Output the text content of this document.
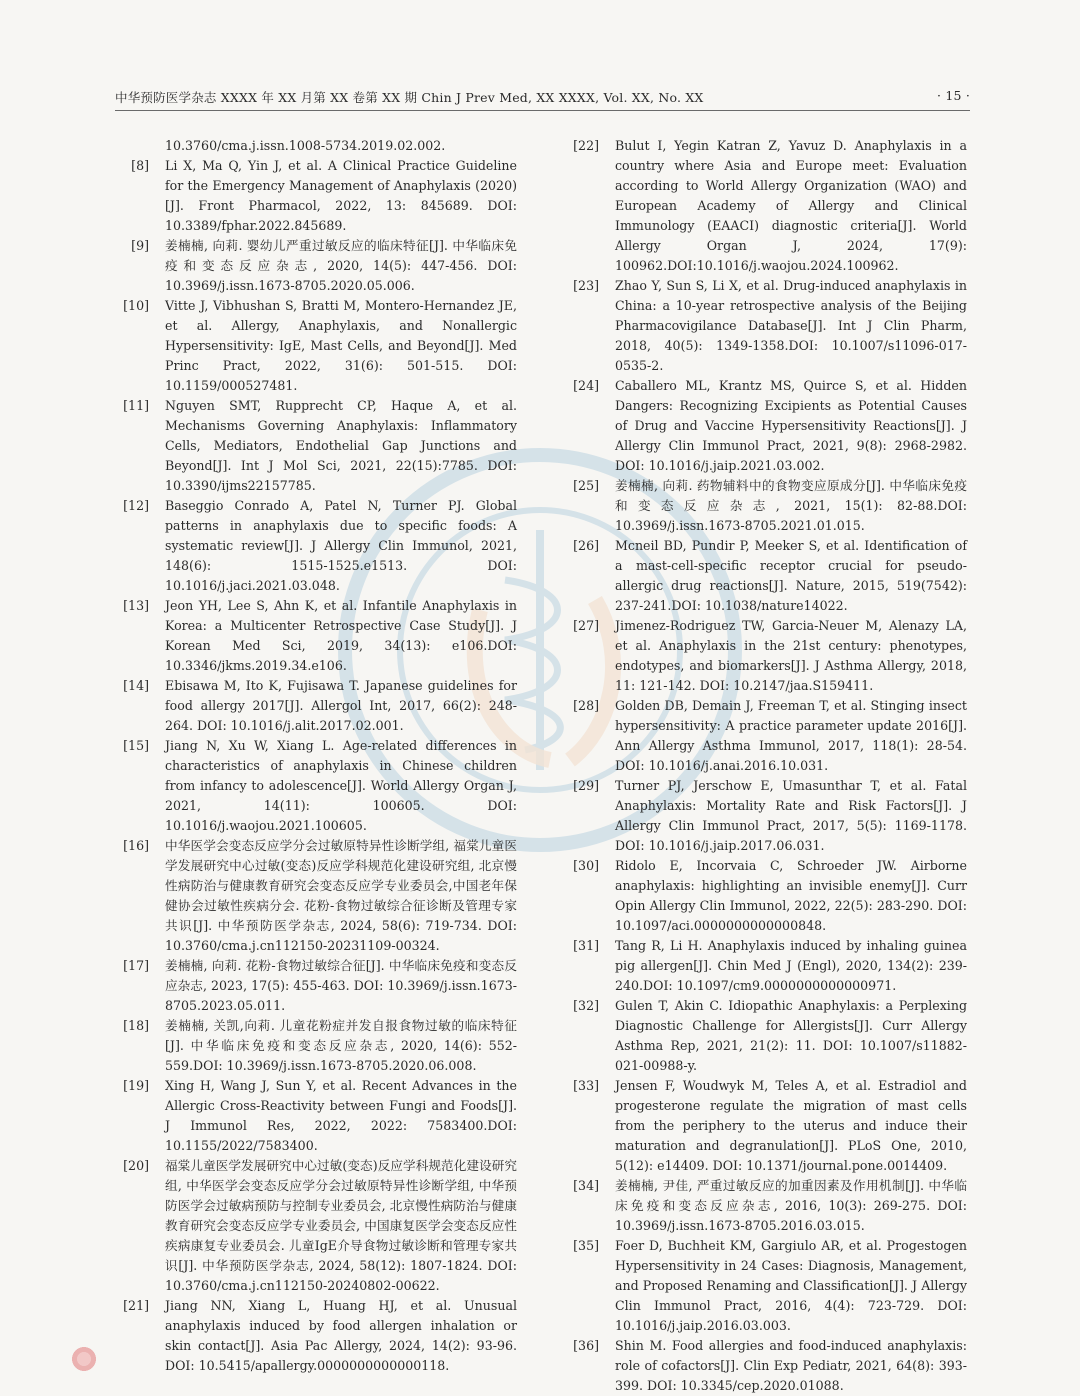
中华预防医学杂志 XXXX 年 XX 月第 XX 卷第 XX 期 Chin J Prev Med, XX XXXX, Vol. XX, No. XX	· 15 ·
10.3760/cma.j.issn.1008-5734.2019.02.002.
[8] Li X, Ma Q, Yin J, et al. A Clinical Practice Guideline for the Emergency Management of Anaphylaxis (2020) [J]. Front Pharmacol, 2022, 13: 845689. DOI: 10.3389/fphar.2022.845689.
[9] 姜楠楠, 向莉. 婴幼儿严重过敏反应的临床特征[J]. 中华临床免疫和变态反应杂志, 2020, 14(5): 447-456. DOI: 10.3969/j.issn.1673-8705.2020.05.006.
[10] Vitte J, Vibhushan S, Bratti M, Montero-Hernandez JE, et al. Allergy, Anaphylaxis, and Nonallergic Hypersensitivity: IgE, Mast Cells, and Beyond[J]. Med Princ Pract, 2022, 31(6): 501-515. DOI: 10.1159/000527481.
[11] Nguyen SMT, Rupprecht CP, Haque A, et al. Mechanisms Governing Anaphylaxis: Inflammatory Cells, Mediators, Endothelial Gap Junctions and Beyond[J]. Int J Mol Sci, 2021, 22(15):7785. DOI: 10.3390/ijms22157785.
[12] Baseggio Conrado A, Patel N, Turner PJ. Global patterns in anaphylaxis due to specific foods: A systematic review[J]. J Allergy Clin Immunol, 2021, 148(6): 1515-1525.e1513. DOI: 10.1016/j.jaci.2021.03.048.
[13] Jeon YH, Lee S, Ahn K, et al. Infantile Anaphylaxis in Korea: a Multicenter Retrospective Case Study[J]. J Korean Med Sci, 2019, 34(13): e106.DOI: 10.3346/jkms.2019.34.e106.
[14] Ebisawa M, Ito K, Fujisawa T. Japanese guidelines for food allergy 2017[J]. Allergol Int, 2017, 66(2): 248-264. DOI: 10.1016/j.alit.2017.02.001.
[15] Jiang N, Xu W, Xiang L. Age-related differences in characteristics of anaphylaxis in Chinese children from infancy to adolescence[J]. World Allergy Organ J, 2021, 14(11): 100605. DOI: 10.1016/j.waojou.2021.100605.
[16] 中华医学会变态反应学分会过敏原特异性诊断学组, 福棠儿童医学发展研究中心过敏(变态)反应学科规范化建设研究组, 北京慢性病防治与健康教育研究会变态反应学专业委员会,中国老年保健协会过敏性疾病分会. 花粉-食物过敏综合征诊断及管理专家共识[J]. 中华预防医学杂志, 2024, 58(6): 719-734. DOI: 10.3760/cma.j.cn112150-20231109-00324.
[17] 姜楠楠, 向莉. 花粉-食物过敏综合征[J]. 中华临床免疫和变态反应杂志, 2023, 17(5): 455-463. DOI: 10.3969/j.issn.1673-8705.2023.05.011.
[18] 姜楠楠, 关凯,向莉. 儿童花粉症并发自报食物过敏的临床特征 [J]. 中华临床免疫和变态反应杂志, 2020, 14(6): 552-559.DOI: 10.3969/j.issn.1673-8705.2020.06.008.
[19] Xing H, Wang J, Sun Y, et al. Recent Advances in the Allergic Cross-Reactivity between Fungi and Foods[J]. J Immunol Res, 2022, 2022: 7583400.DOI: 10.1155/2022/7583400.
[20] 福棠儿童医学发展研究中心过敏(变态)反应学科规范化建设研究组, 中华医学会变态反应学分会过敏原特异性诊断学组, 中华预防医学会过敏病预防与控制专业委员会, 北京慢性病防治与健康教育研究会变态反应学专业委员会, 中国康复医学会变态反应性疾病康复专业委员会. 儿童IgE介导食物过敏诊断和管理专家共识[J]. 中华预防医学杂志, 2024, 58(12): 1807-1824. DOI: 10.3760/cma.j.cn112150-20240802-00622.
[21] Jiang NN, Xiang L, Huang HJ, et al. Unusual anaphylaxis induced by food allergen inhalation or skin contact[J]. Asia Pac Allergy, 2024, 14(2): 93-96. DOI: 10.5415/apallergy.0000000000000118.
[22] Bulut I, Yegin Katran Z, Yavuz D. Anaphylaxis in a country where Asia and Europe meet: Evaluation according to World Allergy Organization (WAO) and European Academy of Allergy and Clinical Immunology (EAACI) diagnostic criteria[J]. World Allergy Organ J, 2024, 17(9): 100962.DOI:10.1016/j.waojou.2024.100962.
[23] Zhao Y, Sun S, Li X, et al. Drug-induced anaphylaxis in China: a 10-year retrospective analysis of the Beijing Pharmacovigilance Database[J]. Int J Clin Pharm, 2018, 40(5): 1349-1358.DOI: 10.1007/s11096-017-0535-2.
[24] Caballero ML, Krantz MS, Quirce S, et al. Hidden Dangers: Recognizing Excipients as Potential Causes of Drug and Vaccine Hypersensitivity Reactions[J]. J Allergy Clin Immunol Pract, 2021, 9(8): 2968-2982. DOI: 10.1016/j.jaip.2021.03.002.
[25] 姜楠楠, 向莉. 药物辅料中的食物变应原成分[J]. 中华临床免疫和变态反应杂志, 2021, 15(1): 82-88.DOI: 10.3969/j.issn.1673-8705.2021.01.015.
[26] Mcneil BD, Pundir P, Meeker S, et al. Identification of a mast-cell-specific receptor crucial for pseudo-allergic drug reactions[J]. Nature, 2015, 519(7542): 237-241.DOI: 10.1038/nature14022.
[27] Jimenez-Rodriguez TW, Garcia-Neuer M, Alenazy LA, et al. Anaphylaxis in the 21st century: phenotypes, endotypes, and biomarkers[J]. J Asthma Allergy, 2018, 11: 121-142. DOI: 10.2147/jaa.S159411.
[28] Golden DB, Demain J, Freeman T, et al. Stinging insect hypersensitivity: A practice parameter update 2016[J]. Ann Allergy Asthma Immunol, 2017, 118(1): 28-54. DOI: 10.1016/j.anai.2016.10.031.
[29] Turner PJ, Jerschow E, Umasunthar T, et al. Fatal Anaphylaxis: Mortality Rate and Risk Factors[J]. J Allergy Clin Immunol Pract, 2017, 5(5): 1169-1178. DOI: 10.1016/j.jaip.2017.06.031.
[30] Ridolo E, Incorvaia C, Schroeder JW. Airborne anaphylaxis: highlighting an invisible enemy[J]. Curr Opin Allergy Clin Immunol, 2022, 22(5): 283-290. DOI: 10.1097/aci.0000000000000848.
[31] Tang R, Li H. Anaphylaxis induced by inhaling guinea pig allergen[J]. Chin Med J (Engl), 2020, 134(2): 239-240.DOI: 10.1097/cm9.0000000000000971.
[32] Gulen T, Akin C. Idiopathic Anaphylaxis: a Perplexing Diagnostic Challenge for Allergists[J]. Curr Allergy Asthma Rep, 2021, 21(2): 11. DOI: 10.1007/s11882-021-00988-y.
[33] Jensen F, Woudwyk M, Teles A, et al. Estradiol and progesterone regulate the migration of mast cells from the periphery to the uterus and induce their maturation and degranulation[J]. PLoS One, 2010, 5(12): e14409. DOI: 10.1371/journal.pone.0014409.
[34] 姜楠楠, 尹佳, 严重过敏反应的加重因素及作用机制[J]. 中华临床免疫和变态反应杂志, 2016, 10(3): 269-275. DOI: 10.3969/j.issn.1673-8705.2016.03.015.
[35] Foer D, Buchheit KM, Gargiulo AR, et al. Progestogen Hypersensitivity in 24 Cases: Diagnosis, Management, and Proposed Renaming and Classification[J]. J Allergy Clin Immunol Pract, 2016, 4(4): 723-729. DOI: 10.1016/j.jaip.2016.03.003.
[36] Shin M. Food allergies and food-induced anaphylaxis: role of cofactors[J]. Clin Exp Pediatr, 2021, 64(8): 393-399. DOI: 10.3345/cep.2020.01088.
